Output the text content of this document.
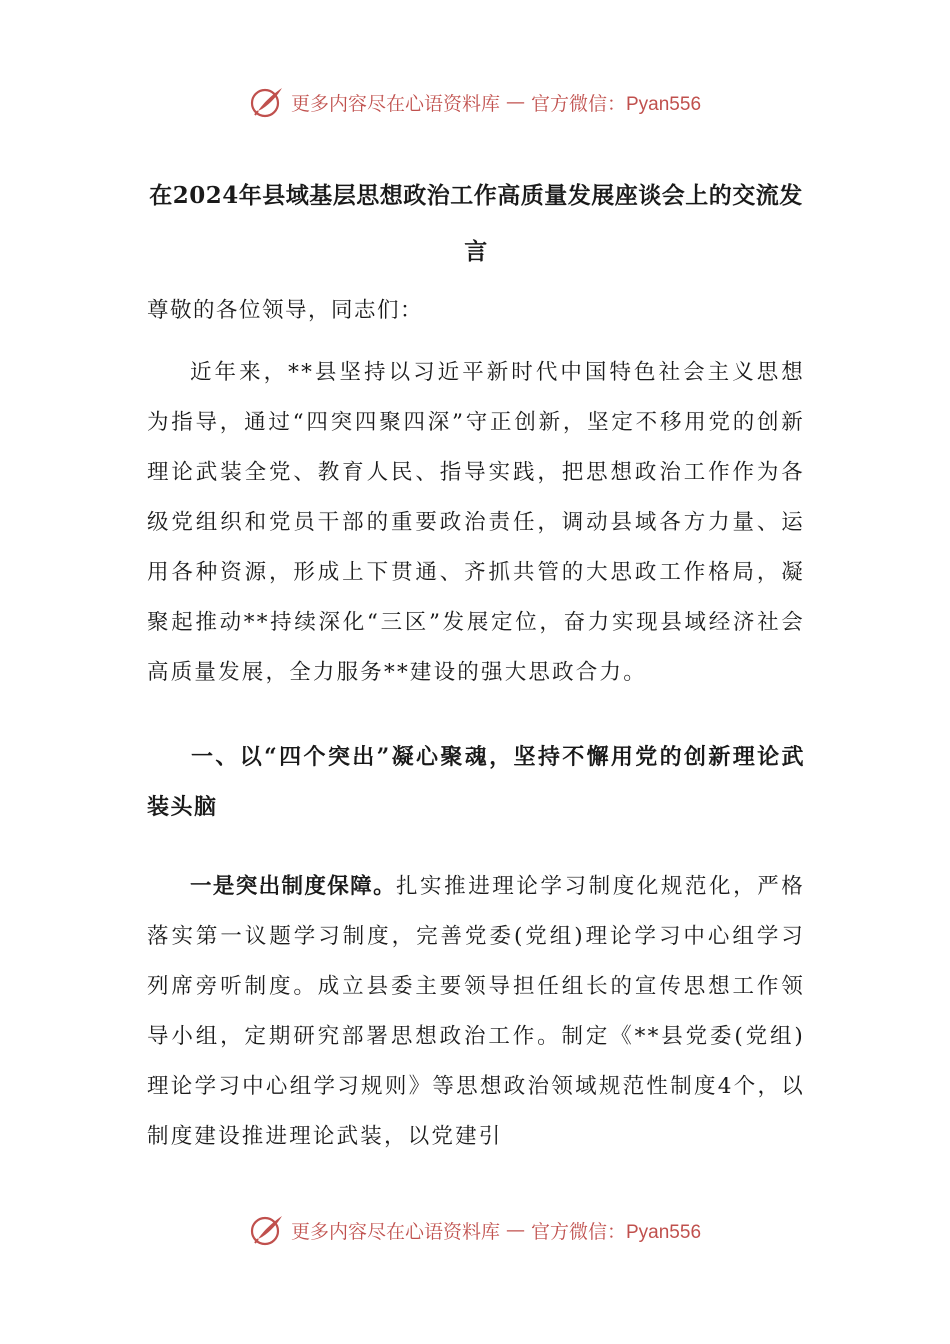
更多内容尽在心语资料库 — 官方微信：Pyan556
在2024年县域基层思想政治工作高质量发展座谈会上的交流发言
尊敬的各位领导，同志们：

近年来，**县坚持以习近平新时代中国特色社会主义思想为指导，通过“四突四聚四深”守正创新，坚定不移用党的创新理论武装全党、教育人民、指导实践，把思想政治工作作为各级党组织和党员干部的重要政治责任，调动县域各方力量、运用各种资源，形成上下贯通、齐抓共管的大思政工作格局，凝聚起推动**持续深化“三区”发展定位，奋力实现县域经济社会高质量发展，全力服务**建设的强大思政合力。

一、以“四个突出”凝心聚魂，坚持不懈用党的创新理论武装头脑

一是突出制度保障。扎实推进理论学习制度化规范化，严格落实第一议题学习制度，完善党委(党组)理论学习中心组学习列席旁听制度。成立县委主要领导担任组长的宣传思想工作领导小组，定期研究部署思想政治工作。制定《**县党委(党组)理论学习中心组学习规则》等思想政治领域规范性制度4个，以制度建设推进理论武装，以党建引

更多内容尽在心语资料库 — 官方微信：Pyan556
